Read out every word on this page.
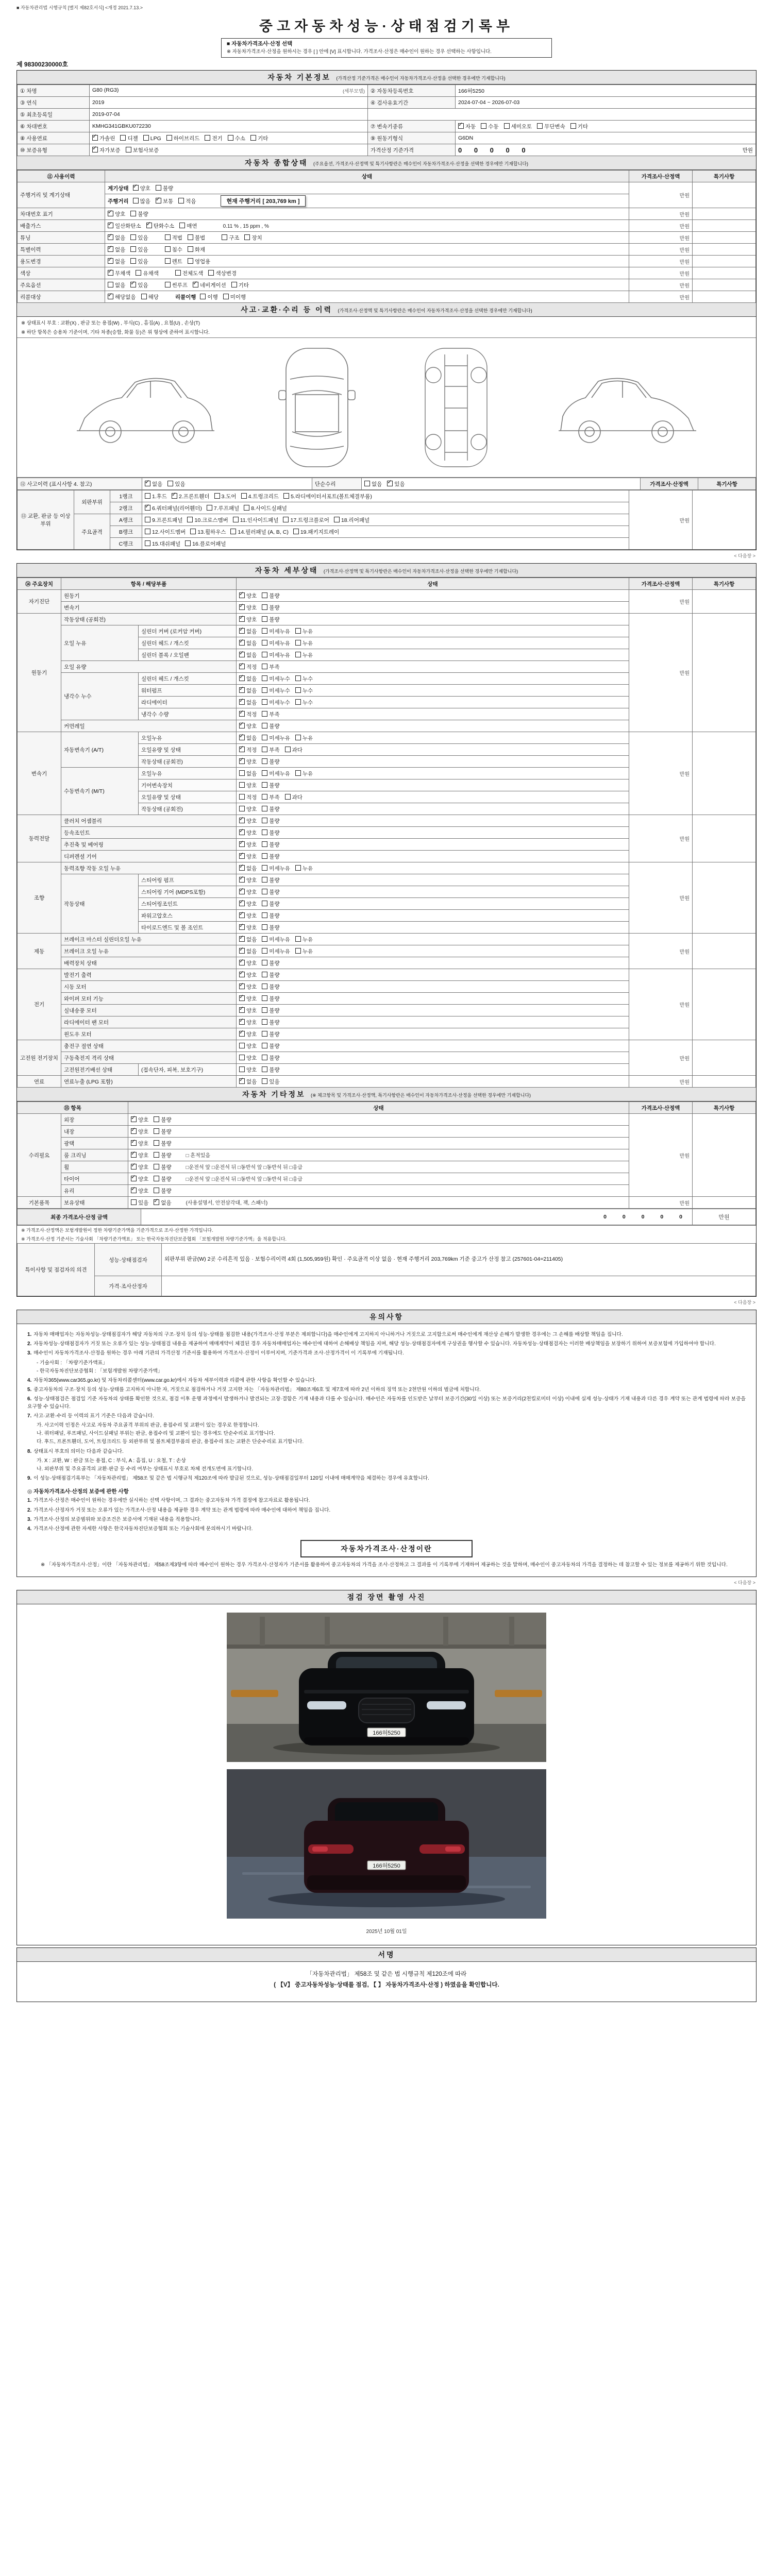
■ 자동차관리법 시행규칙 [별지 제82호서식] <개정 2021.7.13.>
중고자동차성능·상태점검기록부
■ 자동차가격조사·산정 선택
※ 자동차가격조사·산정을 원하시는 경우 [ ] 안에 [V] 표시합니다. 가격조사·산정은 매수인이 원하는 경우 선택하는 사항입니다.
제 98300230000호
자동차 기본정보 (가격산정 기준가격은 매수인이 자동차가격조사·산정을 선택한 경우에만 기재합니다)
① 차명	G80 (RG3) (세부모델)	② 자동차등록번호	166허5250
③ 연식	2019	④ 검사유효기간	2024-07-04 ~ 2026-07-03
⑤ 최초등록일	2019-07-04		
⑥ 차대번호	KMHG341GBKU072230	⑦ 변속기종류	✓자동 수동 세미오토 무단변속 기타
⑧ 사용연료	✓가솔린 디젤 LPG 하이브리드 전기 수소 기타	⑨ 원동기형식	G6DN
⑩ 보증유형	✓자가보증 보험사보증	가격산정 기준가격	0 0 0 0 0 만원
자동차 종합상태 (주요옵션, 가격조사·산정액 및 특기사항란은 매수인이 자동차가격조사·산정을 선택한 경우에만 기재합니다)
⑪ 사용이력	상태	가격조사·산정액	특기사항
주행거리 및 계기상태	계기상태 ✓ 양호 불량	만원	
	주행거리 많음 ✓ 보통 적음 현재 주행거리 [ 203,769 km ]
차대번호 표기	✓양호 불량	만원	
배출가스	✓일산화탄소 ✓ 탄화수소 매연 0.11 % , 15 ppm , %	만원	
튜닝	✓없음 있음 적법 불법 구조 장치	만원	
특별이력	✓없음 있음 침수 화재	만원	
용도변경	✓없음 있음 렌트 영업용	만원	
색상	✓무채색 유채색 전체도색 색상변경	만원	
주요옵션	없음 ✓ 있음 썬루프 ✓ 네비게이션 기타	만원	
리콜대상	✓해당없음 해당 리콜이행 이행 미이행	만원	
사고·교환·수리 등 이력 (가격조사·산정액 및 특기사항란은 매수인이 자동차가격조사·산정을 선택한 경우에만 기재합니다)
※ 상태표시 부호 : 교환(X) , 판금 또는 용접(W) , 부식(C) , 흠집(A) , 요철(U) , 손상(T)
※ 하단 항목은 승용차 기준이며, 기타 차종(승합, 화물 등)은 위 형상에 준하여 표시합니다.
⑫ 사고이력 (표시사항 4. 참고)	✓없음 있음	단순수리	없음 ✓ 있음	가격조사·산정액	특기사항
⑬ 교환, 판금 등 이상 부위	외판부위	1랭크	1.후드 ✓ 2.프론트휀더 3.도어 4.트렁크리드 5.라디에이터서포트(볼트체결부품)	만원	
		2랭크	✓6.쿼터패널(리어휀더) 7.루프패널 8.사이드실패널
	주요골격	A랭크	9.프론트패널 10.크로스멤버 11.인사이드패널 17.트렁크플로어 18.리어패널		
		B랭크	12.사이드멤버 13.휠하우스 14.필러패널 (A, B, C) 19.패키지트레이		
		C랭크	15.대쉬패널 16.플로어패널		
< 다음장 >
자동차 세부상태 (가격조사·산정액 및 특기사항란은 매수인이 자동차가격조사·산정을 선택한 경우에만 기재합니다)
⑭ 주요장치	항목 / 해당부품		상태	가격조사·산정액	특기사항
자기진단	원동기	✓양호 불량	만원	
	변속기	✓양호 불량
원동기	작동상태 (공회전)	✓양호 불량	만원	
	오일 누유	실린더 커버 (로커암 커버)	✓없음 미세누유 누유
		실린더 헤드 / 개스킷	✓없음 미세누유 누유
		실린더 블록 / 오일팬	✓없음 미세누유 누유
	오일 유량	✓적정 부족
	냉각수 누수	실린더 헤드 / 개스킷	✓없음 미세누수 누수
		워터펌프	✓없음 미세누수 누수
		라디에이터	✓없음 미세누수 누수
		냉각수 수량	✓적정 부족
	커먼레일	✓양호 불량
변속기	자동변속기 (A/T)	오일누유	✓없음 미세누유 누유	만원	
		오일유량 및 상태	✓적정 부족 과다
		작동상태 (공회전)	✓양호 불량
	수동변속기 (M/T)	오일누유	없음 미세누유 누유		
		기어변속장치	양호 불량		
		오일유량 및 상태	적정 부족 과다		
		작동상태 (공회전)	양호 불량		
동력전달	클러치 어셈블리	✓양호 불량	만원	
	등속조인트	✓양호 불량
	추진축 및 베어링	✓양호 불량
	디퍼렌셜 기어	✓양호 불량
조향	동력조향 작동 오일 누유	✓없음 미세누유 누유	만원	
	작동상태	스티어링 펌프	✓양호 불량
		스티어링 기어 (MDPS포함)	✓양호 불량
		스티어링조인트	✓양호 불량
		파워고압호스	✓양호 불량
		타이로드엔드 및 볼 조인트	✓양호 불량
제동	브레이크 마스터 실린더오일 누유	✓없음 미세누유 누유	만원	
	브레이크 오일 누유	✓없음 미세누유 누유
	배력장치 상태	✓양호 불량
전기	발전기 출력	✓양호 불량	만원	
	시동 모터	✓양호 불량
	와이퍼 모터 기능	✓양호 불량
	실내송풍 모터	✓양호 불량
	라디에이터 팬 모터	✓양호 불량
	윈도우 모터	✓양호 불량
고전원 전기장치	충전구 절연 상태		양호 불량	만원	
	구동축전지 격리 상태		양호 불량		
	고전원전기배선 상태	(접속단자, 피복, 보호기구)	양호 불량		
연료	연료누출 (LPG 포함)	✓없음 있음	만원	
자동차 기타정보 (※ 체크항목 및 가격조사·산정액, 특기사항란은 매수인이 자동차가격조사·산정을 선택한 경우에만 기재합니다)
⑮ 항목		상태	가격조사·산정액	특기사항
수리필요	외장	✓양호 불량	만원	
	내장	✓양호 불량
	광택	✓양호 불량
	룸 크리닝	✓양호 불량 □ 흔적있음
	휠	✓양호 불량 □운전석 앞 □운전석 뒤 □동반석 앞 □동반석 뒤 □응급
	타이어	✓양호 불량 □운전석 앞 □운전석 뒤 □동반석 앞 □동반석 뒤 □응급
	유리	✓양호 불량
기본품목	보유상태	있음 ✓ 없음 (사용설명서, 안전삼각대, 잭, 스패너)	만원	
최종 가격조사·산정 금액	0 0 0 0 0	만원
※ 가격조사·산정액은 보험개발원이 정한 차량기준가액을 기준가격으로 조사·산정한 가격입니다.
※ 가격조사·산정 기준서는 기술사회 「차량기준가액표」 또는 한국자동차진단보증협회 「보험개발원 차량기준가액」을 적용합니다.
특이사항 및 점검자의 의견	성능·상태점검자	외판부위 판금(W) 2곳 수리흔적 있음 · 보험수리이력 4회 (1,505,959원) 확인 · 주요골격 이상 없음 · 현재 주행거리 203,769km 기준 중고가 산정 참고 (257601-04=211405)
	가격·조사산정자	
< 다음장 >
유의사항
1. 자동차 매매업자는 자동차성능·상태점검자가 해당 자동차의 구조·장치 등의 성능·상태를 점검한 내용(가격조사·산정 부분은 제외합니다)을 매수인에게 고지하지 아니하거나 거짓으로 고지함으로써 매수인에게 재산상 손해가 발생한 경우에는 그 손해를 배상할 책임을 집니다.
2. 자동차성능·상태점검자가 거짓 또는 오류가 있는 성능·상태점검 내용을 제공하여 매매계약이 체결된 경우 자동차매매업자는 매수인에 대하여 손해배상 책임을 지며, 해당 성능·상태점검자에게 구상권을 행사할 수 있습니다. 자동차성능·상태점검자는 이러한 배상책임을 보장하기 위하여 보증보험에 가입하여야 합니다.
3. 매수인이 자동차가격조사·산정을 원하는 경우 아래 기관의 가격산정 기준서를 활용하여 가격조사·산정이 이루어지며, 기준가격과 조사·산정가격이 이 기록부에 기재됩니다.
- 기술사회 : 「차량기준가액표」
- 한국자동차진단보증협회 : 「보험개발원 차량기준가액」
4. 자동차365(www.car365.go.kr) 및 자동차리콜센터(www.car.go.kr)에서 자동차 세부이력과 리콜에 관한 사항을 확인할 수 있습니다.
5. 중고자동차의 구조·장치 등의 성능·상태를 고지하지 아니한 자, 거짓으로 점검하거나 거짓 고지한 자는 「자동차관리법」 제80조제6호 및 제7호에 따라 2년 이하의 징역 또는 2천만원 이하의 벌금에 처합니다.
6. 성능·상태점검은 점검일 기준 자동차의 상태를 확인한 것으로, 점검 이후 운행 과정에서 발생하거나 발견되는 고장·결함은 기재 내용과 다를 수 있습니다. 매수인은 자동차를 인도받은 날부터 보증기간(30일 이상) 또는 보증거리(2천킬로미터 이상) 이내에 실제 성능·상태가 기재 내용과 다른 경우 계약 또는 관계 법령에 따라 보증을 요구할 수 있습니다.
7. 사고·교환·수리 등 이력의 표기 기준은 다음과 같습니다.
가. 사고이력 인정은 사고로 자동차 주요골격 부위의 판금, 용접수리 및 교환이 있는 경우로 한정합니다.
나. 쿼터패널, 루프패널, 사이드실패널 부위는 판금, 용접수리 및 교환이 있는 경우에도 단순수리로 표기합니다.
다. 후드, 프론트휀더, 도어, 트렁크리드 등 외판부위 및 볼트체결부품의 판금, 용접수리 또는 교환은 단순수리로 표기합니다.
8. 상태표시 부호의 의미는 다음과 같습니다.
가. X : 교환, W : 판금 또는 용접, C : 부식, A : 흠집, U : 요철, T : 손상
나. 외판부위 및 주요골격의 교환·판금 등 수리 여부는 상태표시 부호로 차체 전개도면에 표기합니다.
9. 이 성능·상태점검기록부는 「자동차관리법」 제58조 및 같은 법 시행규칙 제120조에 따라 발급된 것으로, 성능·상태점검일부터 120일 이내에 매매계약을 체결하는 경우에 유효합니다.
◎ 자동차가격조사·산정의 보증에 관한 사항
1. 가격조사·산정은 매수인이 원하는 경우에만 실시하는 선택 사항이며, 그 결과는 중고자동차 가격 결정에 참고자료로 활용됩니다.
2. 가격조사·산정자가 거짓 또는 오류가 있는 가격조사·산정 내용을 제공한 경우 계약 또는 관계 법령에 따라 매수인에 대하여 책임을 집니다.
3. 가격조사·산정의 보증범위와 보증조건은 보증서에 기재된 내용을 적용합니다.
4. 가격조사·산정에 관한 자세한 사항은 한국자동차진단보증협회 또는 기술사회에 문의하시기 바랍니다.
자동차가격조사·산정이란
※ 「자동차가격조사·산정」이란 「자동차관리법」 제58조제3항에 따라 매수인이 원하는 경우 가격조사·산정자가 기준서를 활용하여 중고자동차의 가격을 조사·산정하고 그 결과를 이 기록부에 기재하여 제공하는 것을 말하며, 매수인이 중고자동차의 가격을 결정하는 데 참고할 수 있는 정보를 제공하기 위한 것입니다.
< 다음장 >
점검 장면 촬영 사진
166허5250
166허5250
2025년 10월 01일
서명
「자동차관리법」 제58조 및 같은 법 시행규칙 제120조에 따라
( 【V】 중고자동차성능·상태를 점검, 【 】 자동차가격조사·산정 ) 하였음을 확인합니다.
